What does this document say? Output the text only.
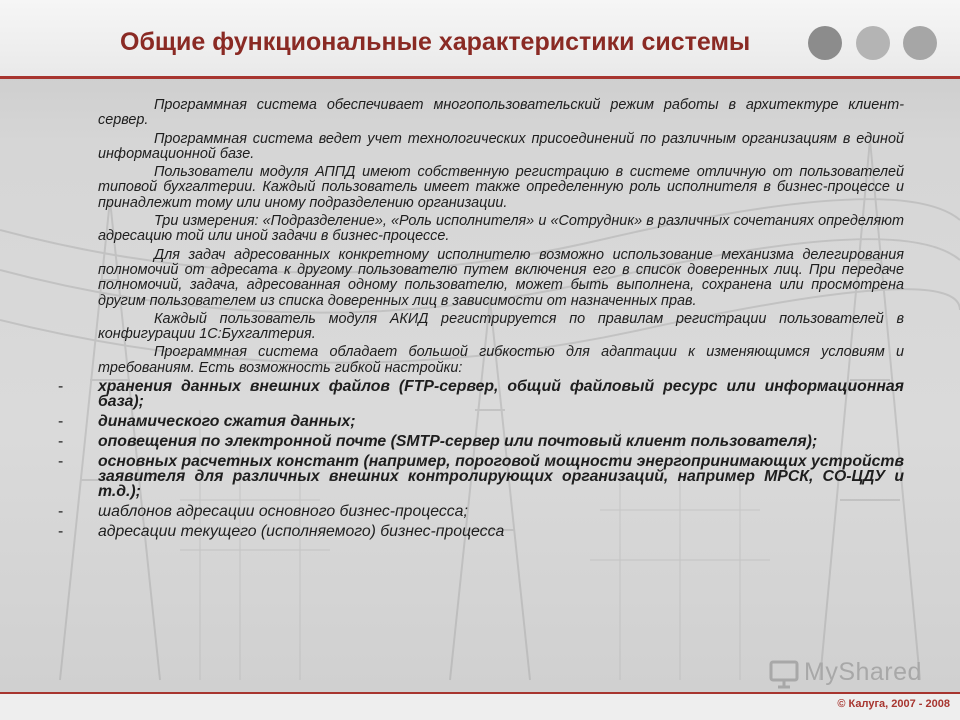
Общие функциональные характеристики системы

Программная система обеспечивает многопользовательский режим работы в архитектуре клиент-сервер.

Программная система ведет учет технологических присоединений по различным организациям в единой информационной базе.

Пользователи модуля АППД имеют собственную регистрацию в системе отличную от пользователей типовой бухгалтерии. Каждый пользователь имеет также определенную роль исполнителя в бизнес-процессе и принадлежит тому или иному подразделению организации.

Три измерения: «Подразделение», «Роль исполнителя» и «Сотрудник» в различных сочетаниях определяют адресацию той или иной задачи в бизнес-процессе.

Для задач адресованных конкретному исполнителю возможно использование механизма делегирования полномочий от адресата к другому пользователю путем включения его в список доверенных лиц. При передаче полномочий, задача, адресованная одному пользователю, может быть выполнена, сохранена или просмотрена другим пользователем из списка доверенных лиц в зависимости от назначенных прав.

Каждый пользователь модуля АКИД регистрируется по правилам регистрации пользователей в конфигурации 1С:Бухгалтерия.

Программная система обладает большой гибкостью для адаптации к изменяющимся условиям и требованиям. Есть возможность гибкой настройки:

- хранения данных внешних файлов (FTP-сервер, общий файловый ресурс или информационная база);
- динамического сжатия данных;
- оповещения по электронной почте (SMTP-сервер или почтовый клиент пользователя);
- основных расчетных констант (например, пороговой мощности энергопринимающих устройств заявителя для различных внешних контролирующих организаций, например МРСК, СО-ЦДУ и т.д.);
- шаблонов адресации основного бизнес-процесса;
- адресации текущего (исполняемого) бизнес-процесса
MyShared
© Калуга, 2007 - 2008
